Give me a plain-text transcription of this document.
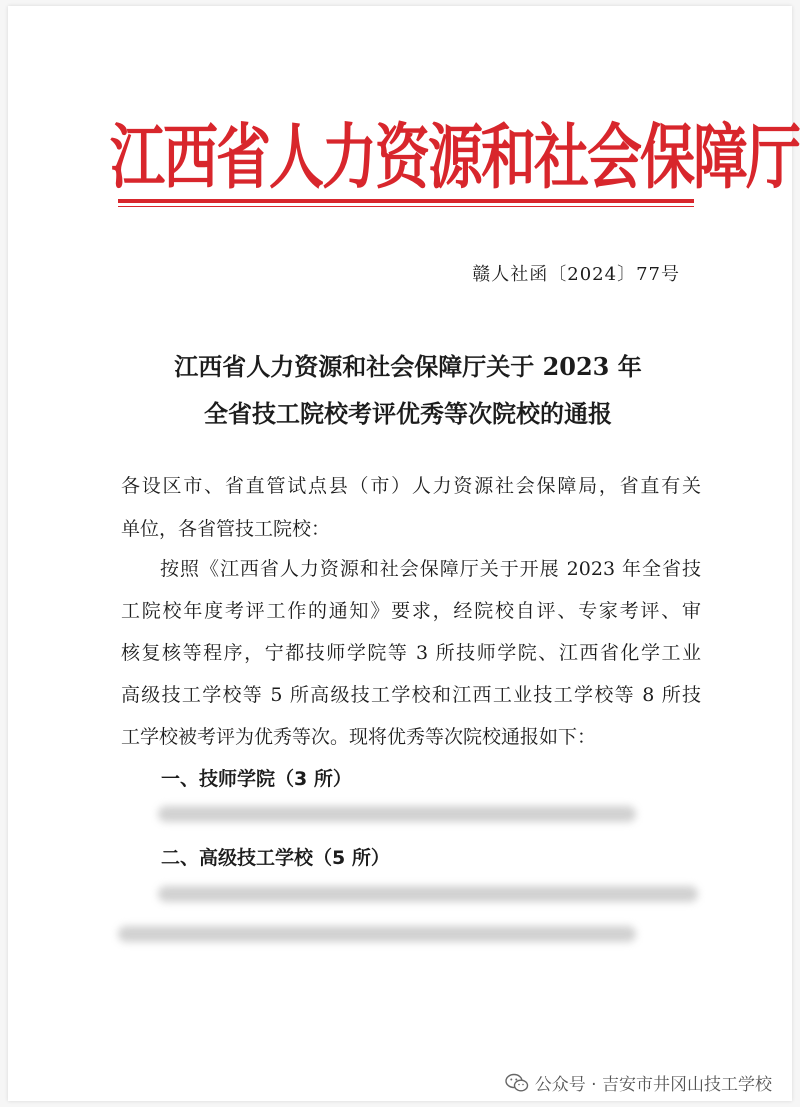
江西省人力资源和社会保障厅
赣人社函〔2024〕77号
江西省人力资源和社会保障厅关于 2023 年
全省技工院校考评优秀等次院校的通报
各设区市、省直管试点县（市）人力资源社会保障局，省直有关
单位，各省管技工院校：
按照《江西省人力资源和社会保障厅关于开展 2023 年全省技
工院校年度考评工作的通知》要求，经院校自评、专家考评、审
核复核等程序，宁都技师学院等 3 所技师学院、江西省化学工业
高级技工学校等 5 所高级技工学校和江西工业技工学校等 8 所技
工学校被考评为优秀等次。现将优秀等次院校通报如下：
一、技师学院（3 所）
二、高级技工学校（5 所）
公众号 · 吉安市井冈山技工学校
